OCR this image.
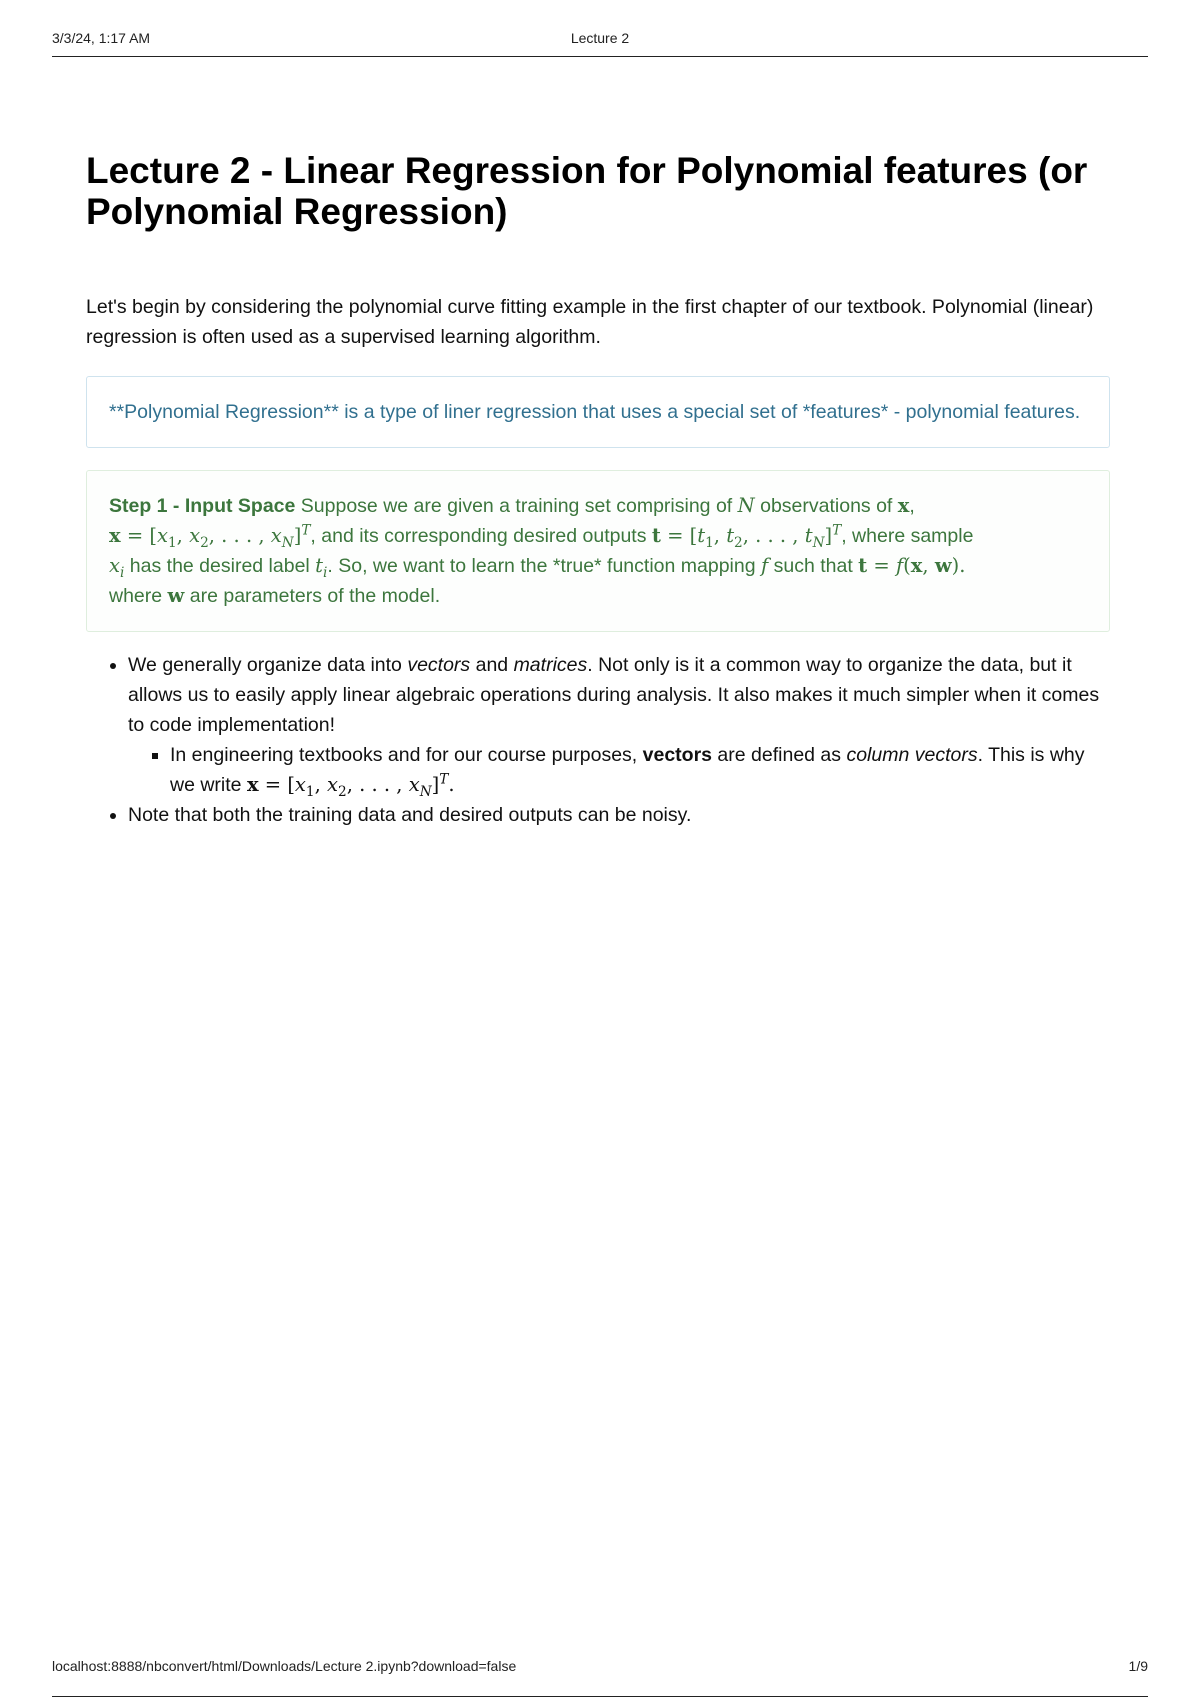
3/3/24, 1:17 AM	Lecture 2
Lecture 2 - Linear Regression for Polynomial features (or Polynomial Regression)

Let's begin by considering the polynomial curve fitting example in the first chapter of our textbook. Polynomial (linear) regression is often used as a supervised learning algorithm.

**Polynomial Regression** is a type of liner regression that uses a special set of *features* - polynomial features.
Step 1 - Input Space Suppose we are given a training set comprising of N observations of x,
$x = [x_1$, $x_2$, . . . , $x_N]^T$, and its corresponding desired outputs $t = [t_1$, $t_2$, . . . , $t_N]^T$, where sample
$x_i$ has the desired label $t_i$. So, we want to learn the *true* function mapping f such that t = f(x, w).
where w are parameters of the model.
• We generally organize data into vectors and matrices. Not only is it a common way to organize the data, but it allows us to easily apply linear algebraic operations during analysis. It also makes it much simpler when it comes to code implementation!
▪ In engineering textbooks and for our course purposes, vectors are defined as column vectors. This is why we write $x = [x_1$, $x_2$, . . . , $x_N]^T$.
• Note that both the training data and desired outputs can be noisy.
localhost:8888/nbconvert/html/Downloads/Lecture 2.ipynb?download=false	1/9
